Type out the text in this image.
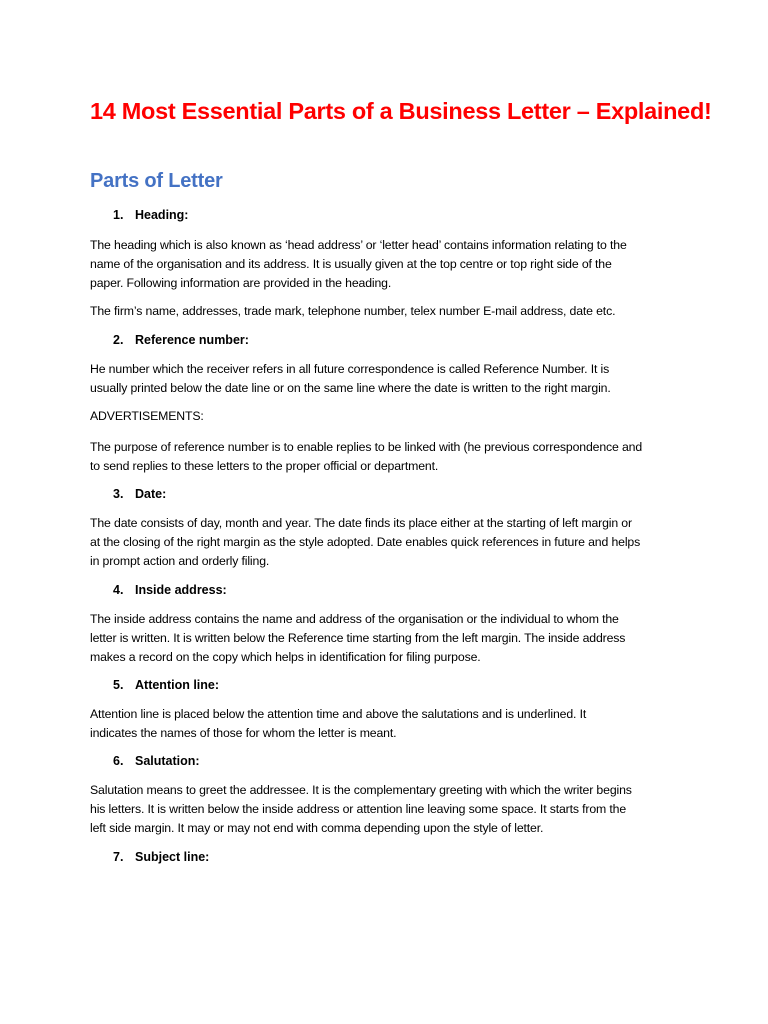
14 Most Essential Parts of a Business Letter – Explained!
Parts of Letter
1. Heading:
The heading which is also known as ‘head address’ or ‘letter head’ contains information relating to the
name of the organisation and its address. It is usually given at the top centre or top right side of the
paper. Following information are provided in the heading.
The firm’s name, addresses, trade mark, telephone number, telex number E-mail address, date etc.
2. Reference number:
He number which the receiver refers in all future correspondence is called Reference Number. It is
usually printed below the date line or on the same line where the date is written to the right margin.
ADVERTISEMENTS:
The purpose of reference number is to enable replies to be linked with (he previous correspondence and
to send replies to these letters to the proper official or department.
3. Date:
The date consists of day, month and year. The date finds its place either at the starting of left margin or
at the closing of the right margin as the style adopted. Date enables quick references in future and helps
in prompt action and orderly filing.
4. Inside address:
The inside address contains the name and address of the organisation or the individual to whom the
letter is written. It is written below the Reference time starting from the left margin. The inside address
makes a record on the copy which helps in identification for filing purpose.
5. Attention line:
Attention line is placed below the attention time and above the salutations and is underlined. It
indicates the names of those for whom the letter is meant.
6. Salutation:
Salutation means to greet the addressee. It is the complementary greeting with which the writer begins
his letters. It is written below the inside address or attention line leaving some space. It starts from the
left side margin. It may or may not end with comma depending upon the style of letter.
7. Subject line:
